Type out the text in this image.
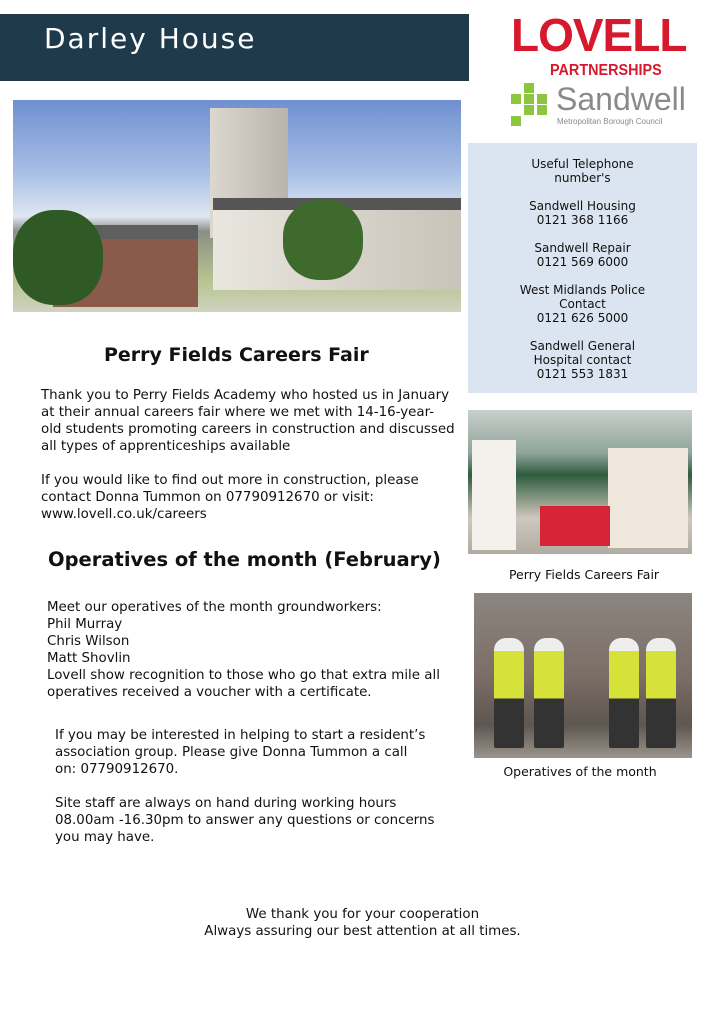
Darley House	LOVELL
PARTNERSHIPS
Sandwell
Metropolitan Borough Council

Useful Telephone
number's

Sandwell Housing
0121 368 1166

Sandwell Repair
0121 569 6000

West Midlands Police
Contact
0121 626 5000

Sandwell General
Hospital contact
0121 553 1831

Perry Fields Careers Fair
Thank you to Perry Fields Academy who hosted us in January
at their annual careers fair where we met with 14-16-year-
old students promoting careers in construction and discussed
all types of apprenticeships available

If you would like to find out more in construction, please
contact Donna Tummon on 07790912670 or visit:
www.lovell.co.uk/careers
Operatives of the month (February)
Meet our operatives of the month groundworkers:
Phil Murray
Chris Wilson
Matt Shovlin
Lovell show recognition to those who go that extra mile all
operatives received a voucher with a certificate.
If you may be interested in helping to start a resident’s
association group. Please give Donna Tummon a call
on: 07790912670.

Site staff are always on hand during working hours
08.00am -16.30pm to answer any questions or concerns
you may have.
We thank you for your cooperation
Always assuring our best attention at all times.
Perry Fields Careers Fair
Operatives of the month
